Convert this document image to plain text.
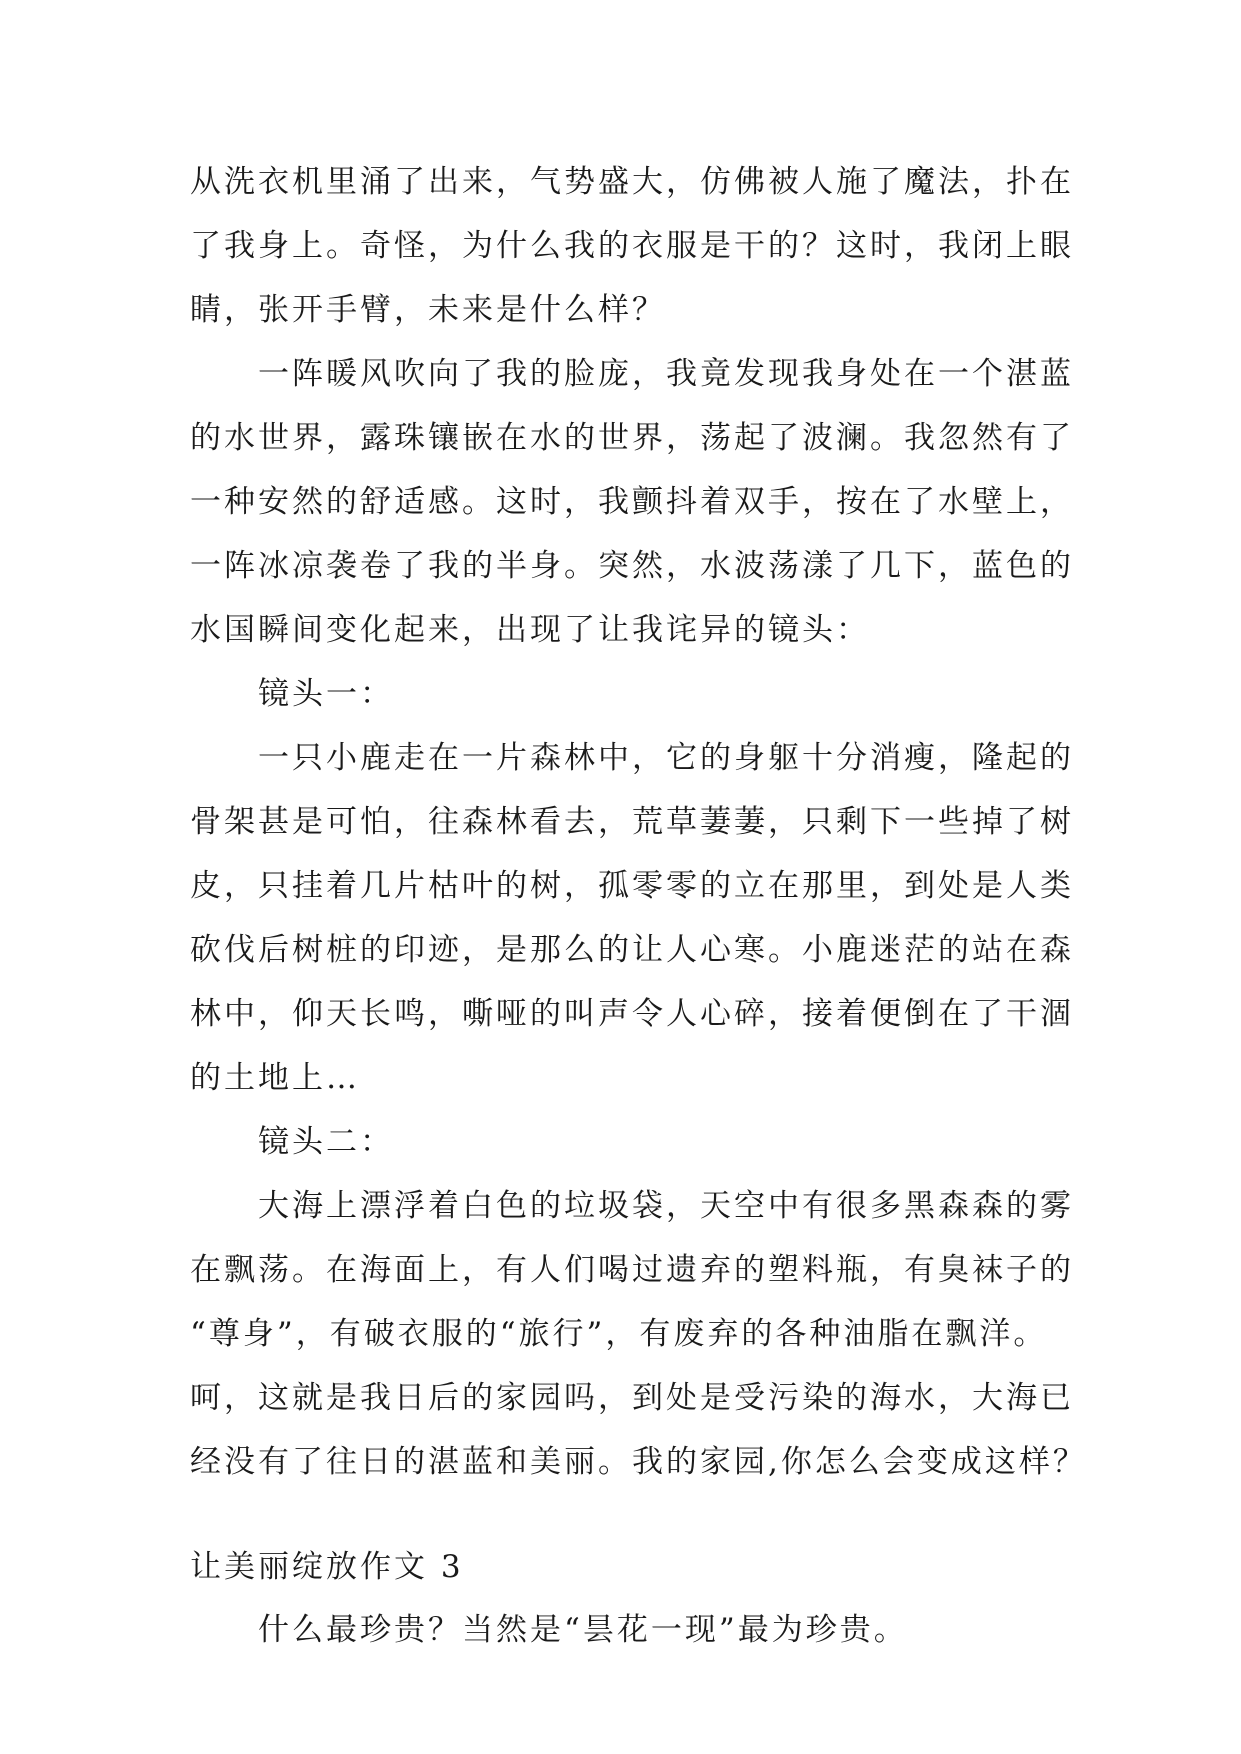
从洗衣机里涌了出来，气势盛大，仿佛被人施了魔法，扑在

了我身上。奇怪，为什么我的衣服是干的？这时，我闭上眼

睛，张开手臂，未来是什么样？

　　一阵暖风吹向了我的脸庞，我竟发现我身处在一个湛蓝

的水世界，露珠镶嵌在水的世界，荡起了波澜。我忽然有了

一种安然的舒适感。这时，我颤抖着双手，按在了水壁上，

一阵冰凉袭卷了我的半身。突然，水波荡漾了几下，蓝色的

水国瞬间变化起来，出现了让我诧异的镜头：

　　镜头一：

　　一只小鹿走在一片森林中，它的身躯十分消瘦，隆起的

骨架甚是可怕，往森林看去，荒草萋萋，只剩下一些掉了树

皮，只挂着几片枯叶的树，孤零零的立在那里，到处是人类

砍伐后树桩的印迹，是那么的让人心寒。小鹿迷茫的站在森

林中，仰天长鸣，嘶哑的叫声令人心碎，接着便倒在了干涸

的土地上…

　　镜头二：

　　大海上漂浮着白色的垃圾袋，天空中有很多黑森森的雾

在飘荡。在海面上，有人们喝过遗弃的塑料瓶，有臭袜子的

“尊身”，有破衣服的“旅行”，有废弃的各种油脂在飘洋。

呵，这就是我日后的家园吗，到处是受污染的海水，大海已

经没有了往日的湛蓝和美丽。我的家园,你怎么会变成这样？

让美丽绽放作文 3

　　什么最珍贵？当然是“昙花一现”最为珍贵。
